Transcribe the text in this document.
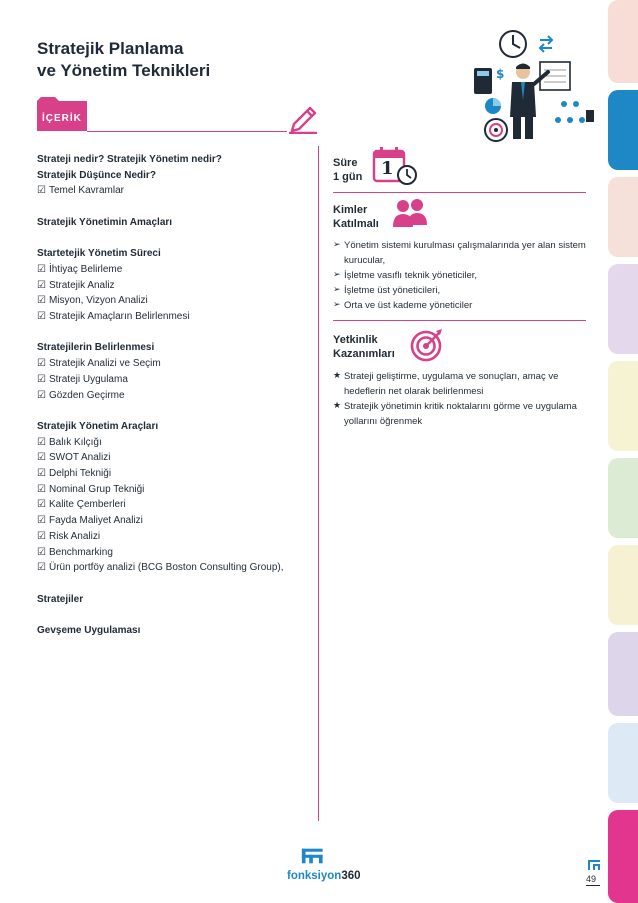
Stratejik Planlama
ve Yönetim Teknikleri
İÇERİK
$
Strateji nedir? Stratejik Yönetim nedir?
Stratejik Düşünce Nedir?
☑ Temel Kavramlar
Stratejik Yönetimin Amaçları
Startetejik Yönetim Süreci
☑ İhtiyaç Belirleme
☑ Stratejik Analiz
☑ Misyon, Vizyon Analizi
☑ Stratejik Amaçların Belirlenmesi
Stratejilerin Belirlenmesi
☑ Stratejik Analizi ve Seçim
☑ Strateji Uygulama
☑ Gözden Geçirme
Stratejik Yönetim Araçları
☑ Balık Kılçığı
☑ SWOT Analizi
☑ Delphi Tekniği
☑ Nominal Grup Tekniği
☑ Kalite Çemberleri
☑ Fayda Maliyet Analizi
☑ Risk Analizi
☑ Benchmarking
☑ Ürün portföy analizi (BCG Boston Consulting Group),
Stratejiler
Gevşeme Uygulaması
Süre
1 gün 1
Kimler
Katılmalı
➢ Yönetim sistemi kurulması çalışmalarında yer alan sistem kurucular,
➢ İşletme vasıflı teknik yöneticiler,
➢ İşletme üst yöneticileri,
➢ Orta ve üst kademe yöneticiler
Yetkinlik
Kazanımları
★ Strateji geliştirme, uygulama ve sonuçları, amaç ve hedeflerin net olarak belirlenmesi
★ Stratejik yönetimin kritik noktalarını görme ve uygulama yollarını öğrenmek
fonksiyon360	49
